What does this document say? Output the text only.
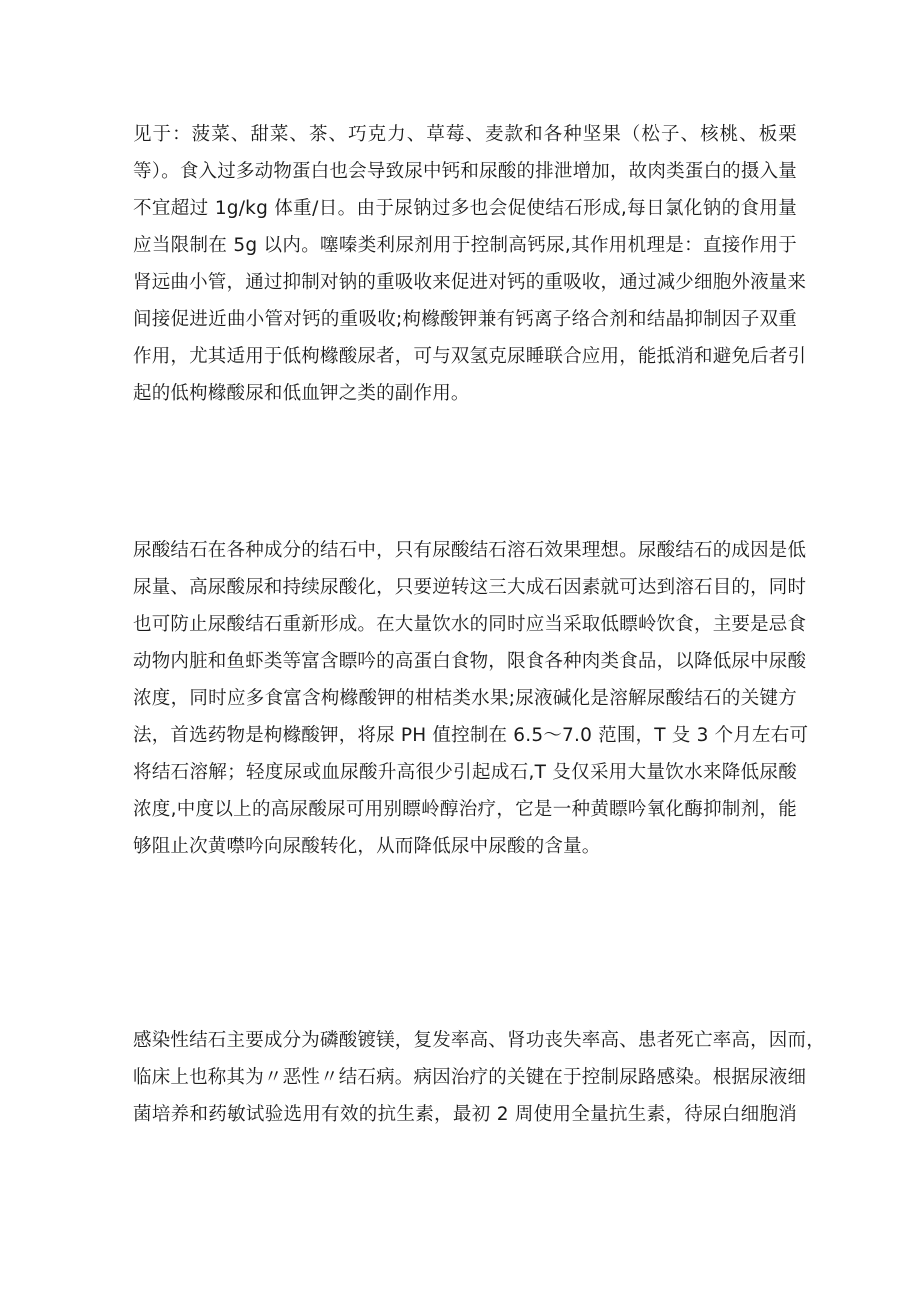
见于：菠菜、甜菜、茶、巧克力、草莓、麦款和各种坚果（松子、核桃、板栗
等）。食入过多动物蛋白也会导致尿中钙和尿酸的排泄增加，故肉类蛋白的摄入量
不宜超过 1g/kg 体重/日。由于尿钠过多也会促使结石形成,每日氯化钠的食用量
应当限制在 5g 以内。噻嗪类利尿剂用于控制高钙尿,其作用机理是：直接作用于
肾远曲小管，通过抑制对钠的重吸收来促进对钙的重吸收，通过减少细胞外液量来
间接促进近曲小管对钙的重吸收;枸橼酸钾兼有钙离子络合剂和结晶抑制因子双重
作用，尤其适用于低枸橼酸尿者，可与双氢克尿睡联合应用，能抵消和避免后者引
起的低枸橼酸尿和低血钾之类的副作用。
尿酸结石在各种成分的结石中，只有尿酸结石溶石效果理想。尿酸结石的成因是低
尿量、高尿酸尿和持续尿酸化，只要逆转这三大成石因素就可达到溶石目的，同时
也可防止尿酸结石重新形成。在大量饮水的同时应当采取低瞟岭饮食，主要是忌食
动物内脏和鱼虾类等富含瞟吟的高蛋白食物，限食各种肉类食品，以降低尿中尿酸
浓度，同时应多食富含枸橼酸钾的柑桔类水果;尿液碱化是溶解尿酸结石的关键方
法，首选药物是枸橼酸钾，将尿 PH 值控制在 6.5〜7.0 范围，T 殳 3 个月左右可
将结石溶解；轻度尿或血尿酸升高很少引起成石,T 殳仅采用大量饮水来降低尿酸
浓度,中度以上的高尿酸尿可用别瞟岭醇治疗，它是一种黄瞟吟氧化酶抑制剂，能
够阻止次黄噤吟向尿酸转化，从而降低尿中尿酸的含量。
感染性结石主要成分为磷酸镀镁，复发率高、肾功丧失率高、患者死亡率高，因而，
临床上也称其为〃恶性〃结石病。病因治疗的关键在于控制尿路感染。根据尿液细
菌培养和药敏试验选用有效的抗生素，最初 2 周使用全量抗生素，待尿白细胞消
